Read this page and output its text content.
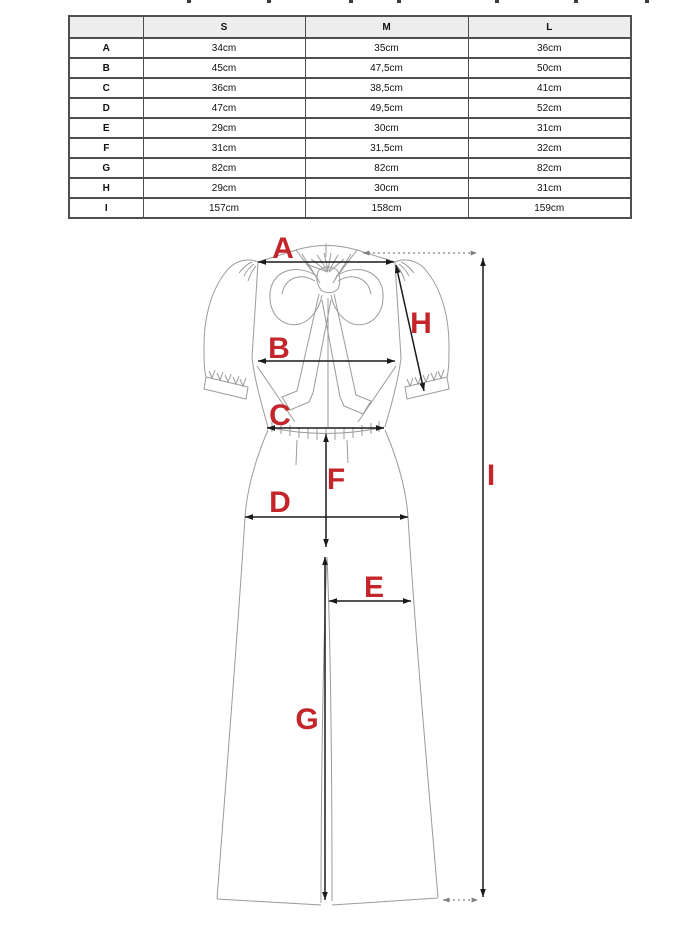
	S	M	L
A	34cm	35cm	36cm
B	45cm	47,5cm	50cm
C	36cm	38,5cm	41cm
D	47cm	49,5cm	52cm
E	29cm	30cm	31cm
F	31cm	31,5cm	32cm
G	82cm	82cm	82cm
H	29cm	30cm	31cm
I	157cm	158cm	159cm
A
B
C
D
E
F
G
H
I
